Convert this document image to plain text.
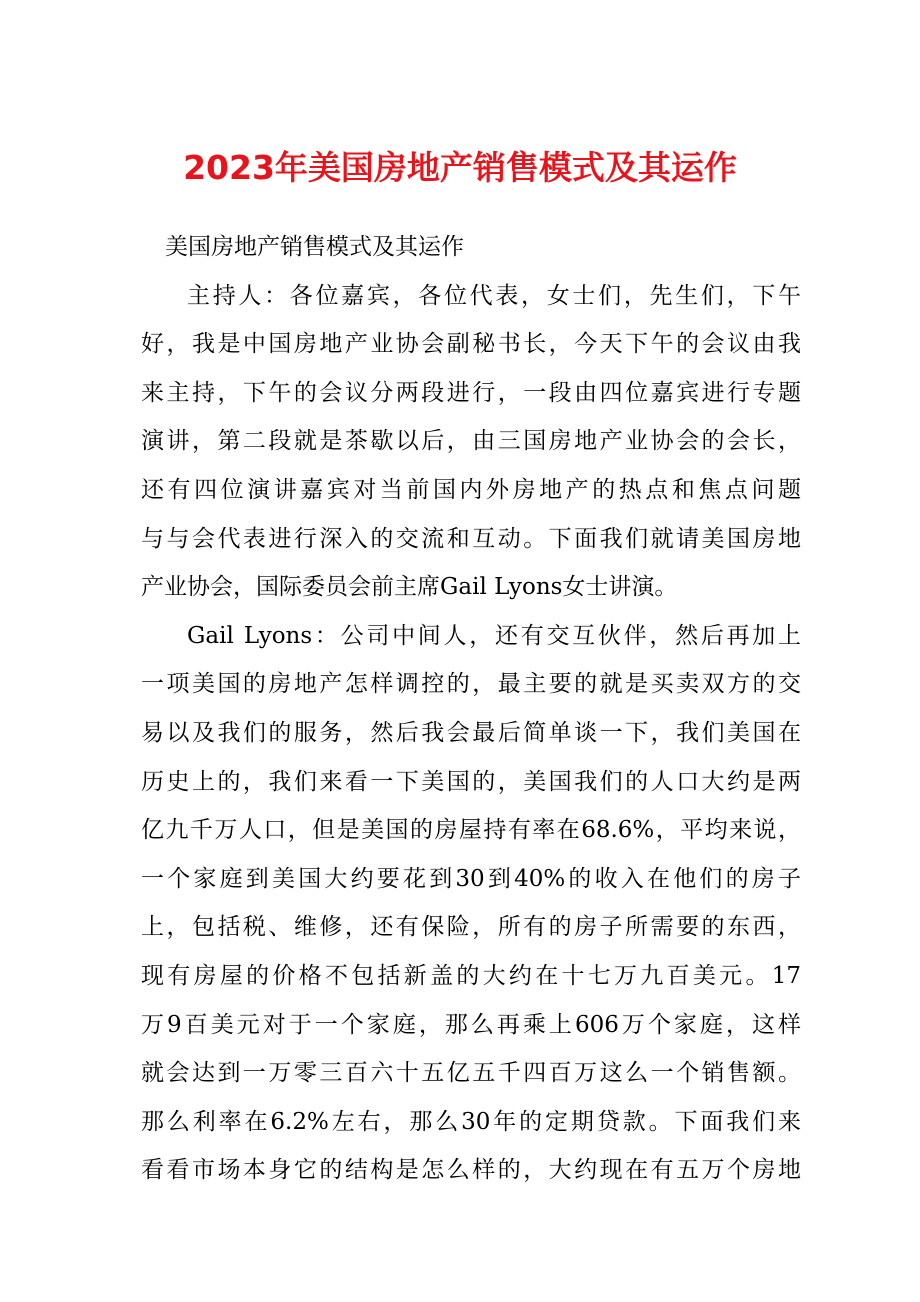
2023年美国房地产销售模式及其运作
美国房地产销售模式及其运作
主持人：各位嘉宾，各位代表，女士们，先生们，下午
好，我是中国房地产业协会副秘书长，今天下午的会议由我
来主持，下午的会议分两段进行，一段由四位嘉宾进行专题
演讲，第二段就是茶歇以后，由三国房地产业协会的会长，
还有四位演讲嘉宾对当前国内外房地产的热点和焦点问题
与与会代表进行深入的交流和互动。下面我们就请美国房地
产业协会，国际委员会前主席Gail Lyons女士讲演。
Gail Lyons：公司中间人，还有交互伙伴，然后再加上
一项美国的房地产怎样调控的，最主要的就是买卖双方的交
易以及我们的服务，然后我会最后简单谈一下，我们美国在
历史上的，我们来看一下美国的，美国我们的人口大约是两
亿九千万人口，但是美国的房屋持有率在68.6%，平均来说，
一个家庭到美国大约要花到30到40%的收入在他们的房子
上，包括税、维修，还有保险，所有的房子所需要的东西，
现有房屋的价格不包括新盖的大约在十七万九百美元。17
万9百美元对于一个家庭，那么再乘上606万个家庭，这样
就会达到一万零三百六十五亿五千四百万这么一个销售额。
那么利率在6.2%左右，那么30年的定期贷款。下面我们来
看看市场本身它的结构是怎么样的，大约现在有五万个房地
